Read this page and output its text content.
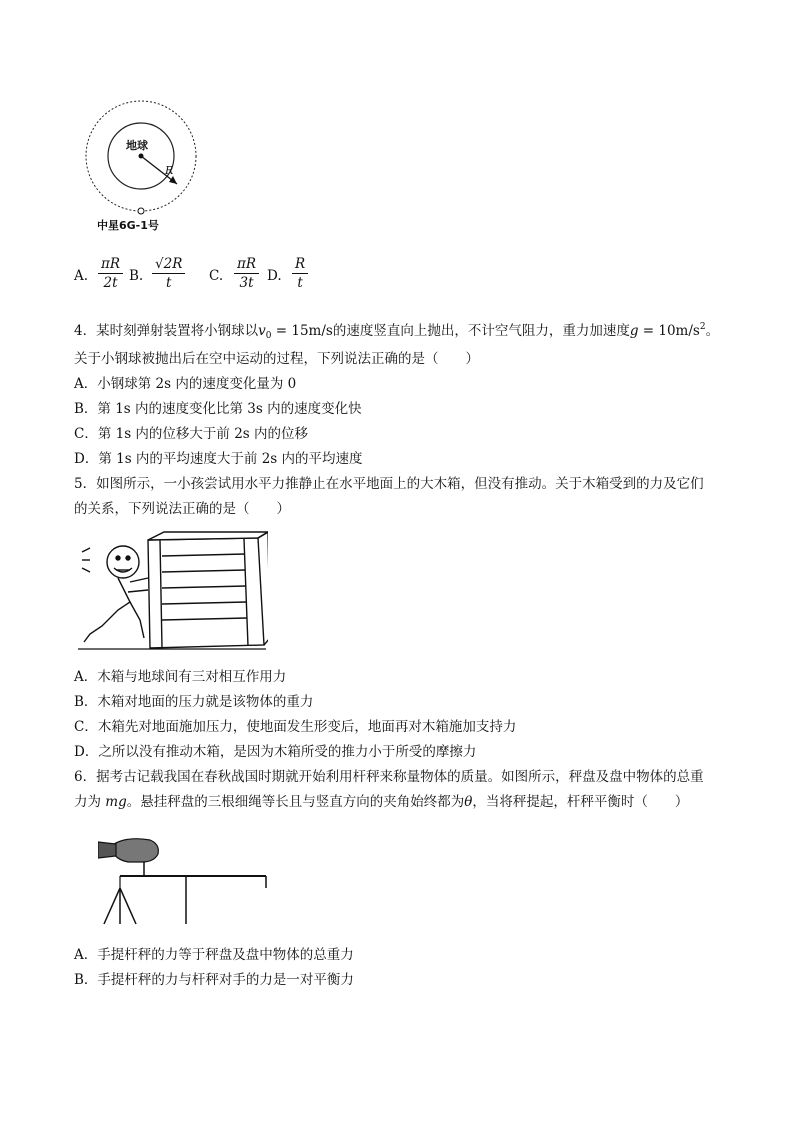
地球
R
中星6G-1号
A. $\frac{\pi R}{2t} B$. $\frac{√2R}{t} C$. $\frac{\pi R}{3t} D$. $\frac{R}{t}$
4．某时刻弹射装置将小钢球以$v_0 = 15m/s$的速度竖直向上抛出，不计空气阻力，重力加速度$g = 10m/s^2$。
关于小钢球被抛出后在空中运动的过程，下列说法正确的是（　　）
A．小钢球第 2s 内的速度变化量为 0
B．第 1s 内的速度变化比第 3s 内的速度变化快
C．第 1s 内的位移大于前 2s 内的位移
D．第 1s 内的平均速度大于前 2s 内的平均速度
5．如图所示，一小孩尝试用水平力推静止在水平地面上的大木箱，但没有推动。关于木箱受到的力及它们
的关系，下列说法正确的是（　　）
A．木箱与地球间有三对相互作用力
B．木箱对地面的压力就是该物体的重力
C．木箱先对地面施加压力，使地面发生形变后，地面再对木箱施加支持力
D．之所以没有推动木箱，是因为木箱所受的推力小于所受的摩擦力
6．据考古记载我国在春秋战国时期就开始利用杆秤来称量物体的质量。如图所示，秤盘及盘中物体的总重
力为 mg。悬挂秤盘的三根细绳等长且与竖直方向的夹角始终都为θ，当将秤提起，杆秤平衡时（　　）
A．手提杆秤的力等于秤盘及盘中物体的总重力
B．手提杆秤的力与杆秤对手的力是一对平衡力
